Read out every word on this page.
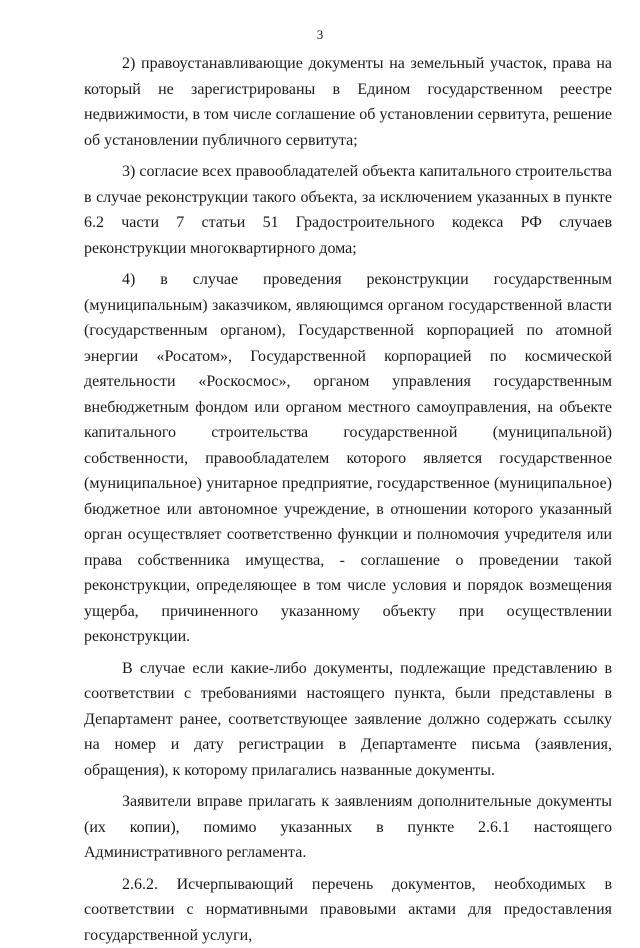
3

2) правоустанавливающие документы на земельный участок, права на который не зарегистрированы в Едином государственном реестре недвижимости, в том числе соглашение об установлении сервитута, решение об установлении публичного сервитута;

3) согласие всех правообладателей объекта капитального строительства в случае реконструкции такого объекта, за исключением указанных в пункте 6.2 части 7 статьи 51 Градостроительного кодекса РФ случаев реконструкции многоквартирного дома;

4) в случае проведения реконструкции государственным (муниципальным) заказчиком, являющимся органом государственной власти (государственным органом), Государственной корпорацией по атомной энергии «Росатом», Государственной корпорацией по космической деятельности «Роскосмос», органом управления государственным внебюджетным фондом или органом местного самоуправления, на объекте капитального строительства государственной (муниципальной) собственности, правообладателем которого является государственное (муниципальное) унитарное предприятие, государственное (муниципальное) бюджетное или автономное учреждение, в отношении которого указанный орган осуществляет соответственно функции и полномочия учредителя или права собственника имущества, - соглашение о проведении такой реконструкции, определяющее в том числе условия и порядок возмещения ущерба, причиненного указанному объекту при осуществлении реконструкции.

В случае если какие-либо документы, подлежащие представлению в соответствии с требованиями настоящего пункта, были представлены в Департамент ранее, соответствующее заявление должно содержать ссылку на номер и дату регистрации в Департаменте письма (заявления, обращения), к которому прилагались названные документы.

Заявители вправе прилагать к заявлениям дополнительные документы (их копии), помимо указанных в пункте 2.6.1 настоящего Административного регламента.

2.6.2. Исчерпывающий перечень документов, необходимых в соответствии с нормативными правовыми актами для предоставления государственной услуги,
